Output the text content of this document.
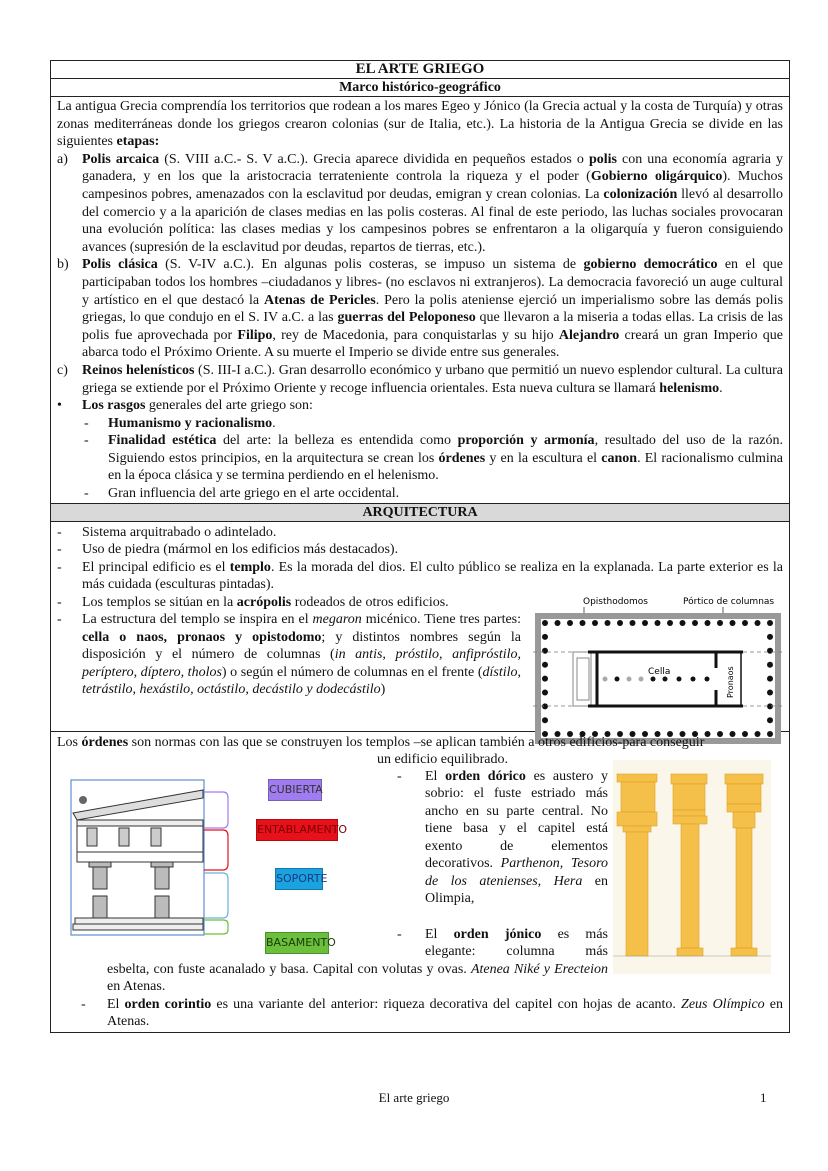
EL ARTE GRIEGO
Marco histórico-geográfico
La antigua Grecia comprendía los territorios que rodean a los mares Egeo y Jónico (la Grecia actual y la costa de Turquía) y otras zonas mediterráneas donde los griegos crearon colonias (sur de Italia, etc.). La historia de la Antigua Grecia se divide en las siguientes etapas:
a) Polis arcaica (S. VIII a.C.- S. V a.C.). Grecia aparece dividida en pequeños estados o polis con una economía agraria y ganadera, y en los que la aristocracia terrateniente controla la riqueza y el poder (Gobierno oligárquico). Muchos campesinos pobres, amenazados con la esclavitud por deudas, emigran y crean colonias. La colonización llevó al desarrollo del comercio y a la aparición de clases medias en las polis costeras. Al final de este periodo, las luchas sociales provocaran una evolución política: las clases medias y los campesinos pobres se enfrentaron a la oligarquía y fueron consiguiendo avances (supresión de la esclavitud por deudas, repartos de tierras, etc.).
b) Polis clásica (S. V-IV a.C.). En algunas polis costeras, se impuso un sistema de gobierno democrático en el que participaban todos los hombres –ciudadanos y libres- (no esclavos ni extranjeros). La democracia favoreció un auge cultural y artístico en el que destacó la Atenas de Pericles. Pero la polis ateniense ejerció un imperialismo sobre las demás polis griegas, lo que condujo en el S. IV a.C. a las guerras del Peloponeso que llevaron a la miseria a todas ellas. La crisis de las polis fue aprovechada por Filipo, rey de Macedonia, para conquistarlas y su hijo Alejandro creará un gran Imperio que abarca todo el Próximo Oriente. A su muerte el Imperio se divide entre sus generales.
c) Reinos helenísticos (S. III-I a.C.). Gran desarrollo económico y urbano que permitió un nuevo esplendor cultural. La cultura griega se extiende por el Próximo Oriente y recoge influencia orientales. Esta nueva cultura se llamará helenismo.
• Los rasgos generales del arte griego son:
- Humanismo y racionalismo.
- Finalidad estética del arte: la belleza es entendida como proporción y armonía, resultado del uso de la razón. Siguiendo estos principios, en la arquitectura se crean los órdenes y en la escultura el canon. El racionalismo culmina en la época clásica y se termina perdiendo en el helenismo.
- Gran influencia del arte griego en el arte occidental.
ARQUITECTURA
- Sistema arquitrabado o adintelado.
- Uso de piedra (mármol en los edificios más destacados).
- El principal edificio es el templo. Es la morada del dios. El culto público se realiza en la explanada. La parte exterior es la más cuidada (esculturas pintadas).
Opisthodomos	Pórtico de columnas
Cella	Pronaos
- Los templos se sitúan en la acrópolis rodeados de otros edificios.
- La estructura del templo se inspira en el megaron micénico. Tiene tres partes: cella o naos, pronaos y opistodomo; y distintos nombres según la disposición y el número de columnas (in antis, próstilo, anfipróstilo, períptero, díptero, tholos) o según el número de columnas en el frente (dístilo, tetrástilo, hexástilo, octástilo, decástilo y dodecástilo)
Los órdenes son normas con las que se construyen los templos –se aplican también a otros edificios-para conseguir
un edificio equilibrado.
CUBIERTA
ENTABLAMENTO
SOPORTE
BASAMENTO
-	El orden dórico es austero y sobrio: el fuste estriado más ancho en su parte central. No tiene basa y el capitel está exento de elementos decorativos. Parthenon, Tesoro de los atenienses, Hera en Olimpia,
-	El orden jónico es más elegante: columna más
esbelta, con fuste acanalado y basa. Capital con volutas y ovas. Atenea Niké y Erecteion en Atenas.
-	El orden corintio es una variante del anterior: riqueza decorativa del capitel con hojas de acanto. Zeus Olímpico en Atenas.
El arte griego	1
